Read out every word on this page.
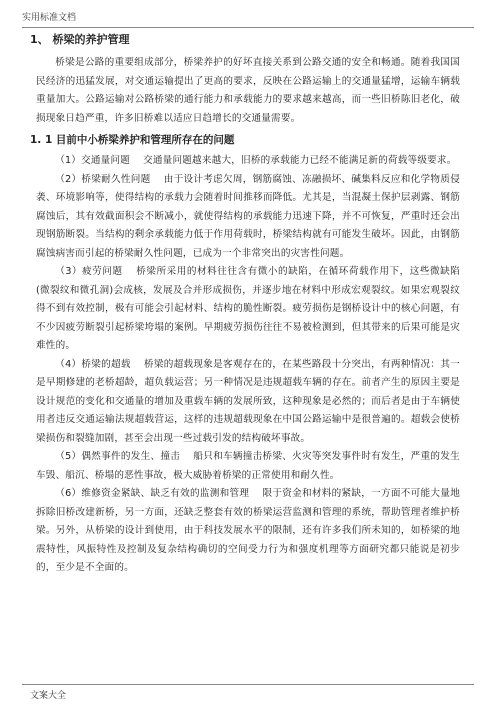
实用标准文档
1、 桥梁的养护管理

桥梁是公路的重要组成部分，桥梁养护的好坏直接关系到公路交通的安全和畅通。随着我国国民经济的迅猛发展，对交通运输提出了更高的要求，反映在公路运输上的交通量猛增，运输车辆载重量加大。公路运输对公路桥梁的通行能力和承载能力的要求越来越高，而一些旧桥陈旧老化，破损现象日趋严重，许多旧桥难以适应日趋增长的交通量需要。

1. 1 目前中小桥梁养护和管理所存在的问题

（1）交通量问题　 交通量问题越来越大，旧桥的承载能力已经不能满足新的荷载等级要求。

（2）桥梁耐久性问题　 由于设计考虑欠周，钢筋腐蚀、冻融损坏、碱集料反应和化学物质侵袭、环境影响等，使得结构的承载力会随着时间推移而降低。尤其是，当混凝土保护层剥露、钢筋腐蚀后，其有效截面积会不断减小，就使得结构的承载能力迅速下降，并不可恢复，严重时还会出现钢筋断裂。当结构的剩余承载能力低于作用荷载时，桥梁结构就有可能发生破坏。因此，由钢筋腐蚀病害而引起的桥梁耐久性问题，已成为一个非常突出的灾害性问题。

（3）疲劳问题　 桥梁所采用的材料往往含有微小的缺陷，在循环荷载作用下，这些微缺陷(微裂纹和微孔洞)会成核，发展及合并形成损伤，并逐步地在材料中形成宏观裂纹。如果宏观裂纹得不到有效控制，极有可能会引起材料、结构的脆性断裂。疲劳损伤是钢桥设计中的核心问题，有不少因疲劳断裂引起桥梁垮塌的案例。早期疲劳损伤往往不易被检测到，但其带来的后果可能是灾难性的。

（4）桥梁的超载　 桥梁的超载现象是客观存在的，在某些路段十分突出，有两种情况：其一是早期修建的老桥超龄，超负载运营；另一种情况是违规超载车辆的存在。前者产生的原因主要是设计规范的变化和交通量的增加及重载车辆的发展所致，这种现象是必然的；而后者是由于车辆使用者违反交通运输法规超载营运，这样的违规超载现象在中国公路运输中是很普遍的。超载会使桥梁损伤和裂缝加剧，甚至会出现一些过载引发的结构破坏事故。

（5）偶然事件的发生、撞击　 船只和车辆撞击桥梁、火灾等突发事件时有发生，严重的发生车毁、船沉、桥塌的恶性事故，极大威胁着桥梁的正常使用和耐久性。

（6）维修资金紧缺、缺乏有效的监测和管理　 限于资金和材料的紧缺，一方面不可能大量地拆除旧桥改建新桥，另一方面，还缺乏整套有效的桥梁运营监测和管理的系统，帮助管理者维护桥梁。另外，从桥梁的设计到使用，由于科技发展水平的限制，还有许多我们所未知的，如桥梁的地震特性，风振特性及控制及复杂结构确切的空间受力行为和强度机理等方面研究都只能说是初步的，至少是不全面的。

文案大全
